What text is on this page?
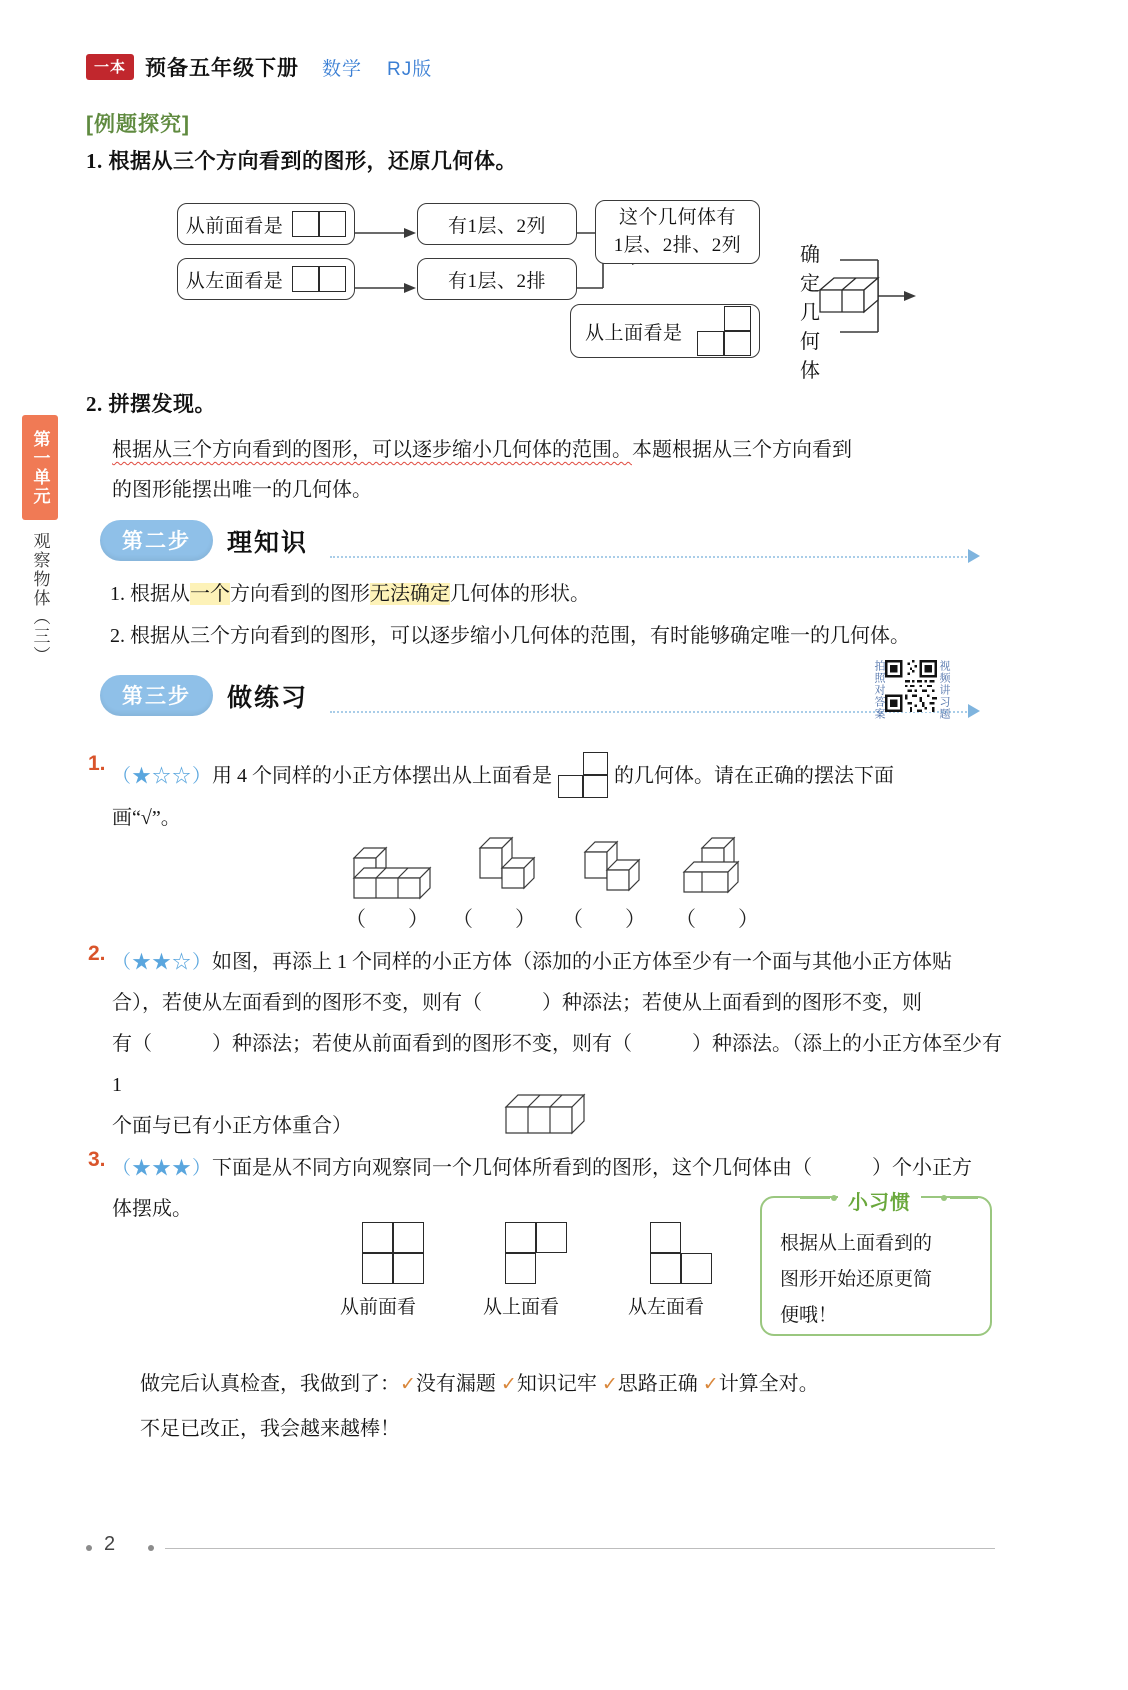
一本 预备五年级下册 数学 RJ版
第一单元
观察物体（三）
[例题探究]
1. 根据从三个方向看到的图形，还原几何体。
从前面看是
从左面看是
有1层、2列
有1层、2排
这个几何体有
1层、2排、2列
从上面看是
确定几何体
2. 拼摆发现。
根据从三个方向看到的图形，可以逐步缩小几何体的范围。本题根据从三个方向看到
的图形能摆出唯一的几何体。
第二步	理知识
1. 根据从一个方向看到的图形无法确定几何体的形状。
2. 根据从三个方向看到的图形，可以逐步缩小几何体的范围，有时能够确定唯一的几何体。
第三步	做练习	拍照对答案	视频讲习题
1.
（★☆☆）用 4 个同样的小正方体摆出从上面看是	的几何体。请在正确的摆法下面
画“√”。
（　　） （　　） （　　） （　　）
2. （★★☆）如图，再添上 1 个同样的小正方体（添加的小正方体至少有一个面与其他小正方体贴
合），若使从左面看到的图形不变，则有（　　　）种添法；若使从上面看到的图形不变，则
有（　　　）种添法；若使从前面看到的图形不变，则有（　　　）种添法。（添上的小正方体至少有 1
个面与已有小正方体重合）
3. （★★★）下面是从不同方向观察同一个几何体所看到的图形，这个几何体由（　　　）个小正方
体摆成。
从前面看	从上面看	从左面看
根据从上面看到的
图形开始还原更简
便哦！
小习惯
做完后认真检查，我做到了：✓没有漏题 ✓知识记牢 ✓思路正确 ✓计算全对。
不足已改正，我会越来越棒！
2
